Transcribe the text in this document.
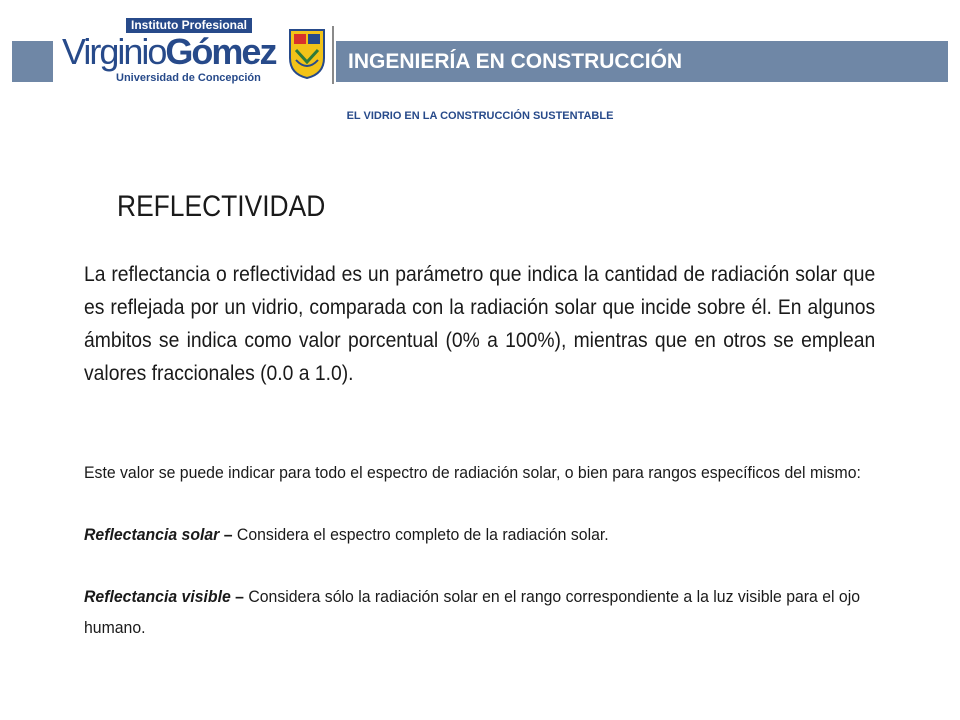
Instituto Profesional
VirginioGómez
Universidad de Concepción
INGENIERÍA EN CONSTRUCCIÓN
EL VIDRIO EN LA CONSTRUCCIÓN SUSTENTABLE
REFLECTIVIDAD
La reflectancia o reflectividad es un parámetro que indica la cantidad de radiación solar que es reflejada por un vidrio, comparada con la radiación solar que incide sobre él. En algunos ámbitos se indica como valor porcentual (0% a 100%), mientras que en otros se emplean valores fraccionales (0.0 a 1.0).

Este valor se puede indicar para todo el espectro de radiación solar, o bien para rangos específicos del mismo:

Reflectancia solar – Considera el espectro completo de la radiación solar.

Reflectancia visible – Considera sólo la radiación solar en el rango correspondiente a la luz visible para el ojo humano.
